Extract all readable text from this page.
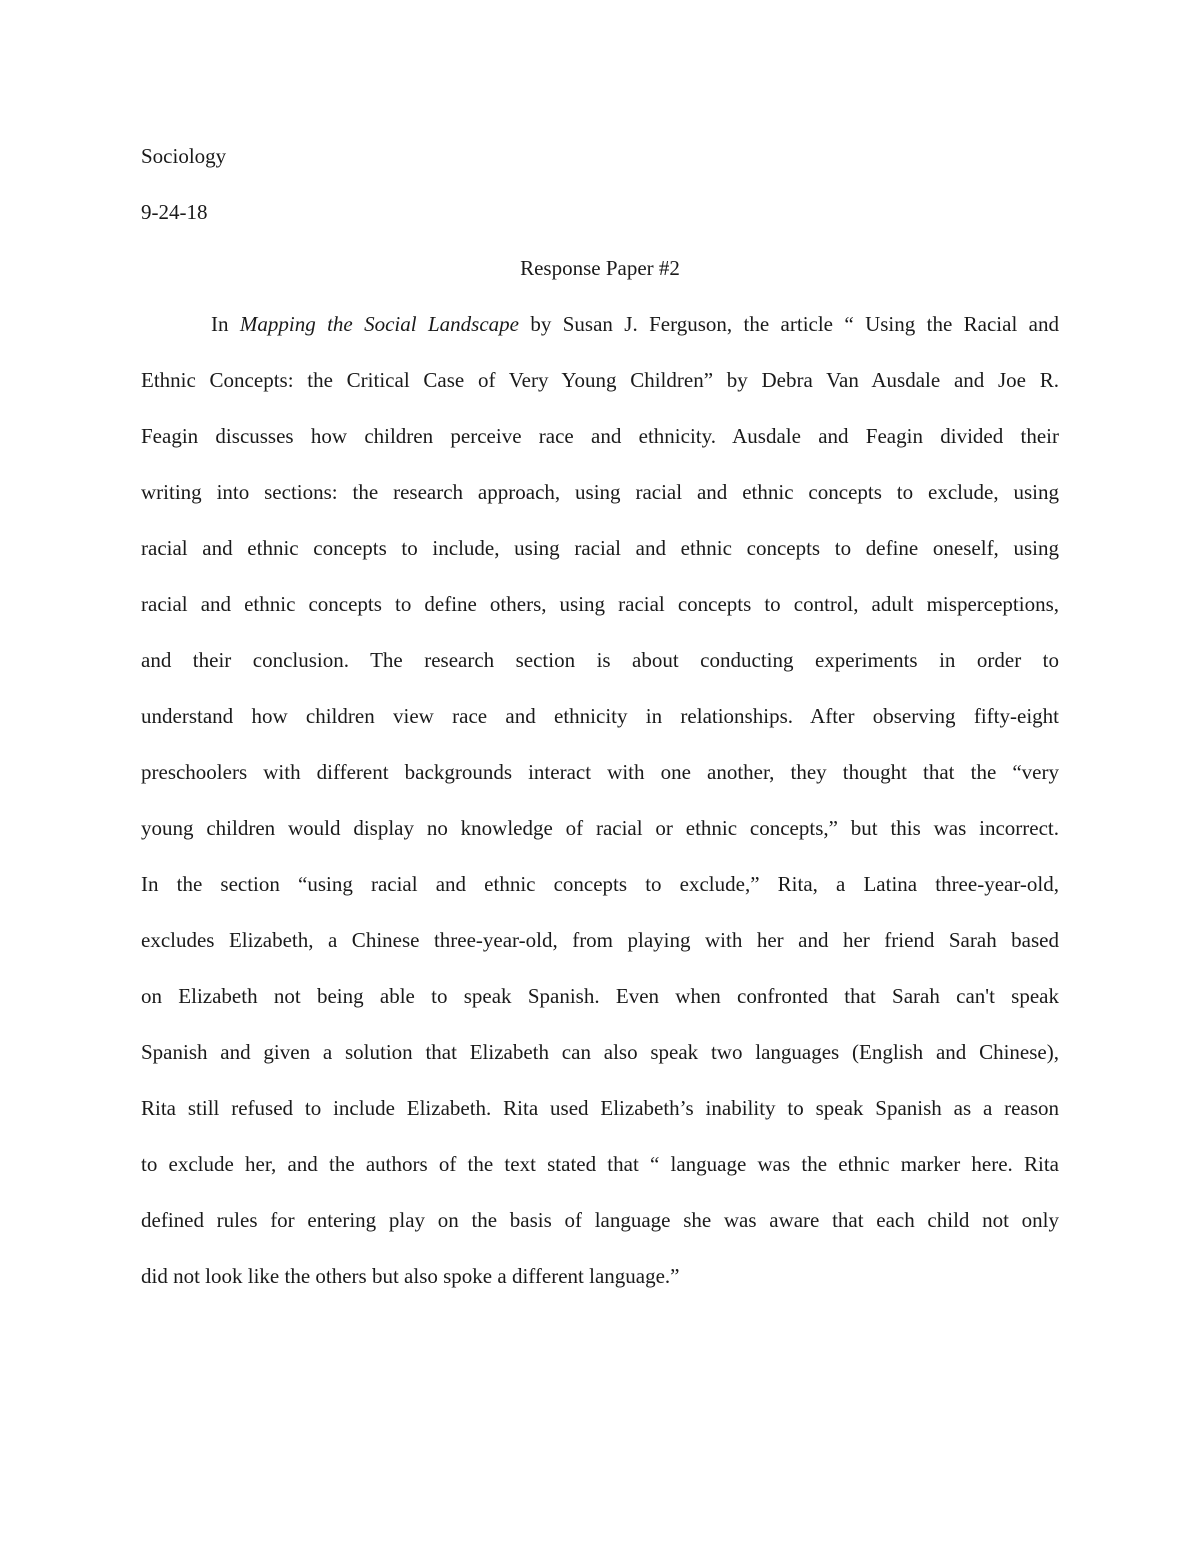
Sociology

9-24-18

Response Paper #2

In Mapping the Social Landscape by Susan J. Ferguson, the article “ Using the Racial and

Ethnic Concepts: the Critical Case of Very Young Children” by Debra Van Ausdale and Joe R.

Feagin discusses how children perceive race and ethnicity. Ausdale and Feagin divided their

writing into sections: the research approach, using racial and ethnic concepts to exclude, using

racial and ethnic concepts to include, using racial and ethnic concepts to define oneself, using

racial and ethnic concepts to define others, using racial concepts to control, adult misperceptions,

and their conclusion. The research section is about conducting experiments in order to

understand how children view race and ethnicity in relationships. After observing fifty-eight

preschoolers with different backgrounds interact with one another, they thought that the “very

young children would display no knowledge of racial or ethnic concepts,” but this was incorrect.

In the section “using racial and ethnic concepts to exclude,” Rita, a Latina three-year-old,

excludes Elizabeth, a Chinese three-year-old, from playing with her and her friend Sarah based

on Elizabeth not being able to speak Spanish. Even when confronted that Sarah can't speak

Spanish and given a solution that Elizabeth can also speak two languages (English and Chinese),

Rita still refused to include Elizabeth. Rita used Elizabeth’s inability to speak Spanish as a reason

to exclude her, and the authors of the text stated that “ language was the ethnic marker here. Rita

defined rules for entering play on the basis of language she was aware that each child not only

did not look like the others but also spoke a different language.”
